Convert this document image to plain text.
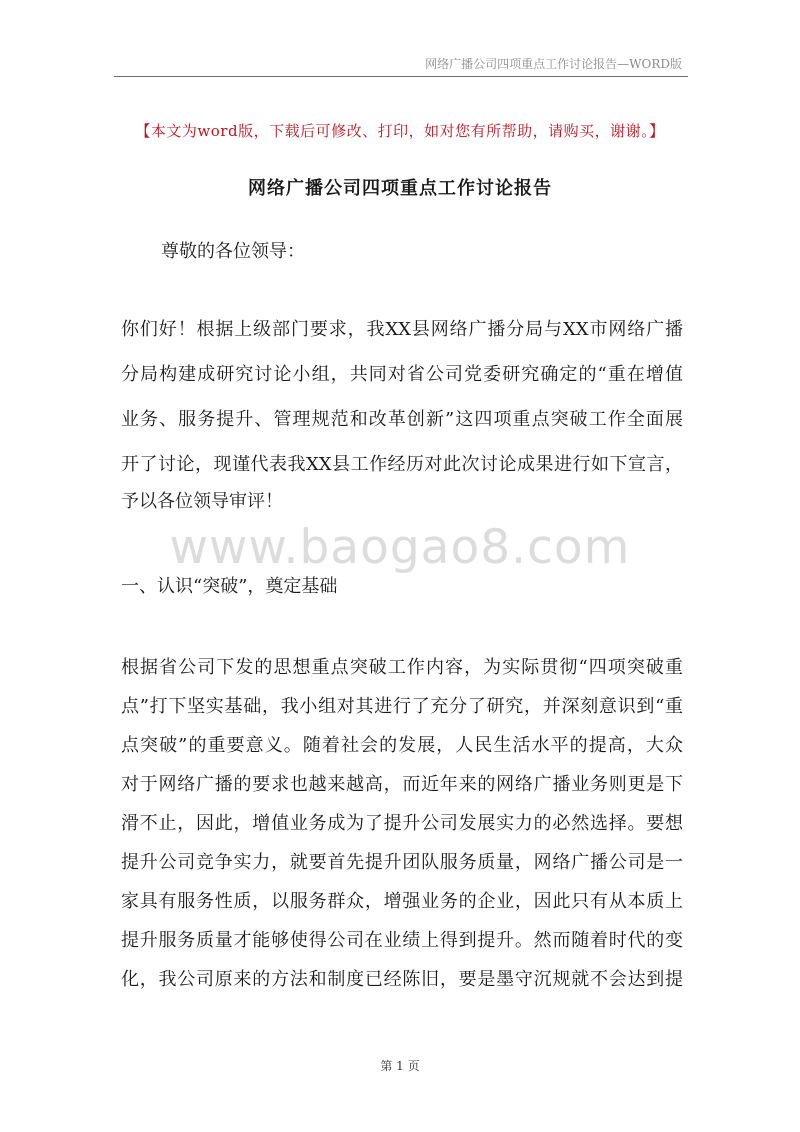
网络广播公司四项重点工作讨论报告—WORD版
【本文为word版，下载后可修改、打印，如对您有所帮助，请购买，谢谢。】
网络广播公司四项重点工作讨论报告
尊敬的各位领导：
你们好！根据上级部门要求，我XX县网络广播分局与XX市网络广播
分局构建成研究讨论小组，共同对省公司党委研究确定的“重在增值
业务、服务提升、管理规范和改革创新”这四项重点突破工作全面展
开了讨论，现谨代表我XX县工作经历对此次讨论成果进行如下宣言，
予以各位领导审评！
www.baogao8.com
一、认识“突破”，奠定基础
根据省公司下发的思想重点突破工作内容，为实际贯彻“四项突破重
点”打下坚实基础，我小组对其进行了充分了研究，并深刻意识到“重
点突破”的重要意义。随着社会的发展，人民生活水平的提高，大众
对于网络广播的要求也越来越高，而近年来的网络广播业务则更是下
滑不止，因此，增值业务成为了提升公司发展实力的必然选择。要想
提升公司竞争实力，就要首先提升团队服务质量，网络广播公司是一
家具有服务性质，以服务群众，增强业务的企业，因此只有从本质上
提升服务质量才能够使得公司在业绩上得到提升。然而随着时代的变
化，我公司原来的方法和制度已经陈旧，要是墨守沉规就不会达到提
第 1 页
